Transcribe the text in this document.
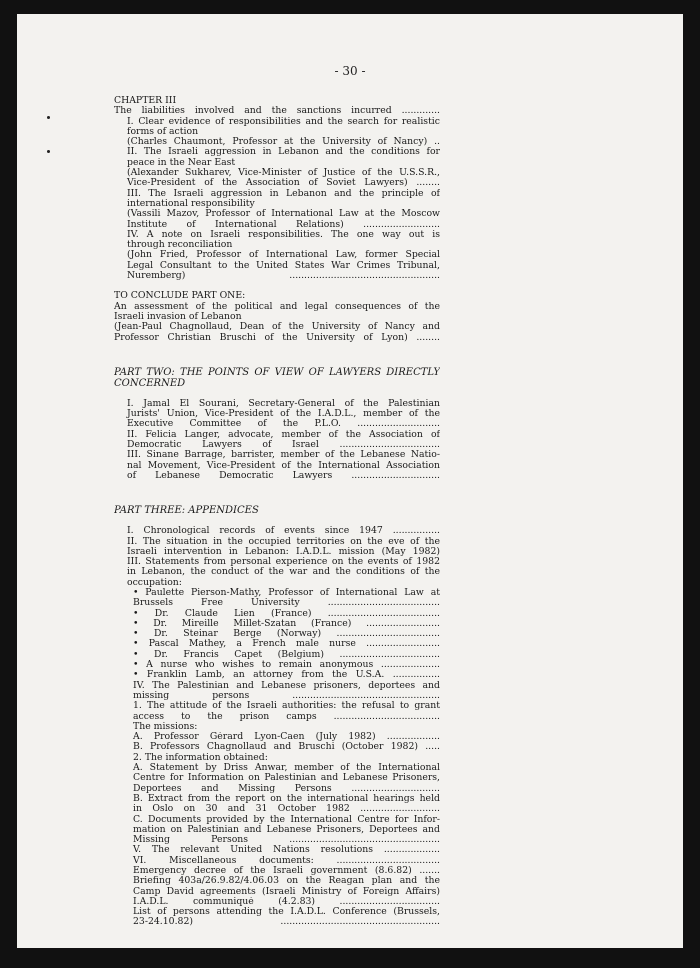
- 30 -
CHAPTER III
The liabilities involved and the sanctions incurred .............
I. Clear evidence of responsibilities and the search for realistic
forms of action
(Charles Chaumont, Professor at the University of Nancy) ..
II. The Israeli aggression in Lebanon and the conditions for
peace in the Near East
(Alexander Sukharev, Vice-Minister of Justice of the U.S.S.R.,
Vice-President of the Association of Soviet Lawyers) ........
III. The Israeli aggression in Lebanon and the principle of
international responsibility
(Vassili Mazov, Professor of International Law at the Moscow
Institute of International Relations) ..........................
IV. A note on Israeli responsibilities. The one way out is
through reconciliation
(John Fried, Professor of International Law, former Special
Legal Consultant to the United States War Crimes Tribunal,
Nuremberg) ...................................................
TO CONCLUDE PART ONE:
An assessment of the political and legal consequences of the
Israeli invasion of Lebanon
(Jean-Paul Chagnollaud, Dean of the University of Nancy and
Professor Christian Bruschi of the University of Lyon) ........
PART TWO: THE POINTS OF VIEW OF LAWYERS DIRECTLY
CONCERNED
I. Jamal El Sourani, Secretary-General of the Palestinian
Jurists' Union, Vice-President of the I.A.D.L., member of the
Executive Committee of the P.L.O. ............................
II. Felicia Langer, advocate, member of the Association of
Democratic Lawyers of Israel ..................................
III. Sinane Barrage, barrister, member of the Lebanese Natio-
nal Movement, Vice-President of the International Association
of Lebanese Democratic Lawyers ..............................
PART THREE: APPENDICES
I. Chronological records of events since 1947 ................
II. The situation in the occupied territories on the eve of the
Israeli intervention in Lebanon: I.A.D.L. mission (May 1982)
III. Statements from personal experience on the events of 1982
in Lebanon, the conduct of the war and the conditions of the
occupation:
• Paulette Pierson-Mathy, Professor of International Law at
Brussels Free University ......................................
• Dr. Claude Lien (France) ......................................
• Dr. Mireille Millet-Szatan (France) .........................
• Dr. Steinar Berge (Norway) ...................................
• Pascal Mathey, a French male nurse .........................
• Dr. Francis Capet (Belgium) ..................................
• A nurse who wishes to remain anonymous ....................
• Franklin Lamb, an attorney from the U.S.A. ................
IV. The Palestinian and Lebanese prisoners, deportees and
missing persons ..................................................
1. The attitude of the Israeli authorities: the refusal to grant
access to the prison camps ....................................
The missions:
A. Professor Gérard Lyon-Caen (July 1982) ..................
B. Professors Chagnollaud and Bruschi (October 1982) .....
2. The information obtained:
A. Statement by Driss Anwar, member of the International
Centre for Information on Palestinian and Lebanese Prisoners,
Deportees and Missing Persons ..............................
B. Extract from the report on the international hearings held
in Oslo on 30 and 31 October 1982 ...........................
C. Documents provided by the International Centre for Infor-
mation on Palestinian and Lebanese Prisoners, Deportees and
Missing Persons ...................................................
V. The relevant United Nations resolutions ...................
VI. Miscellaneous documents: ...................................
Emergency decree of the Israeli government (8.6.82) .......
Briefing 403a/26.9.82/4.06.03 on the Reagan plan and the
Camp David agreements (Israeli Ministry of Foreign Affairs)
I.A.D.L. communiqué (4.2.83) ..................................
List of persons attending the I.A.D.L. Conference (Brussels,
23-24.10.82) ......................................................
